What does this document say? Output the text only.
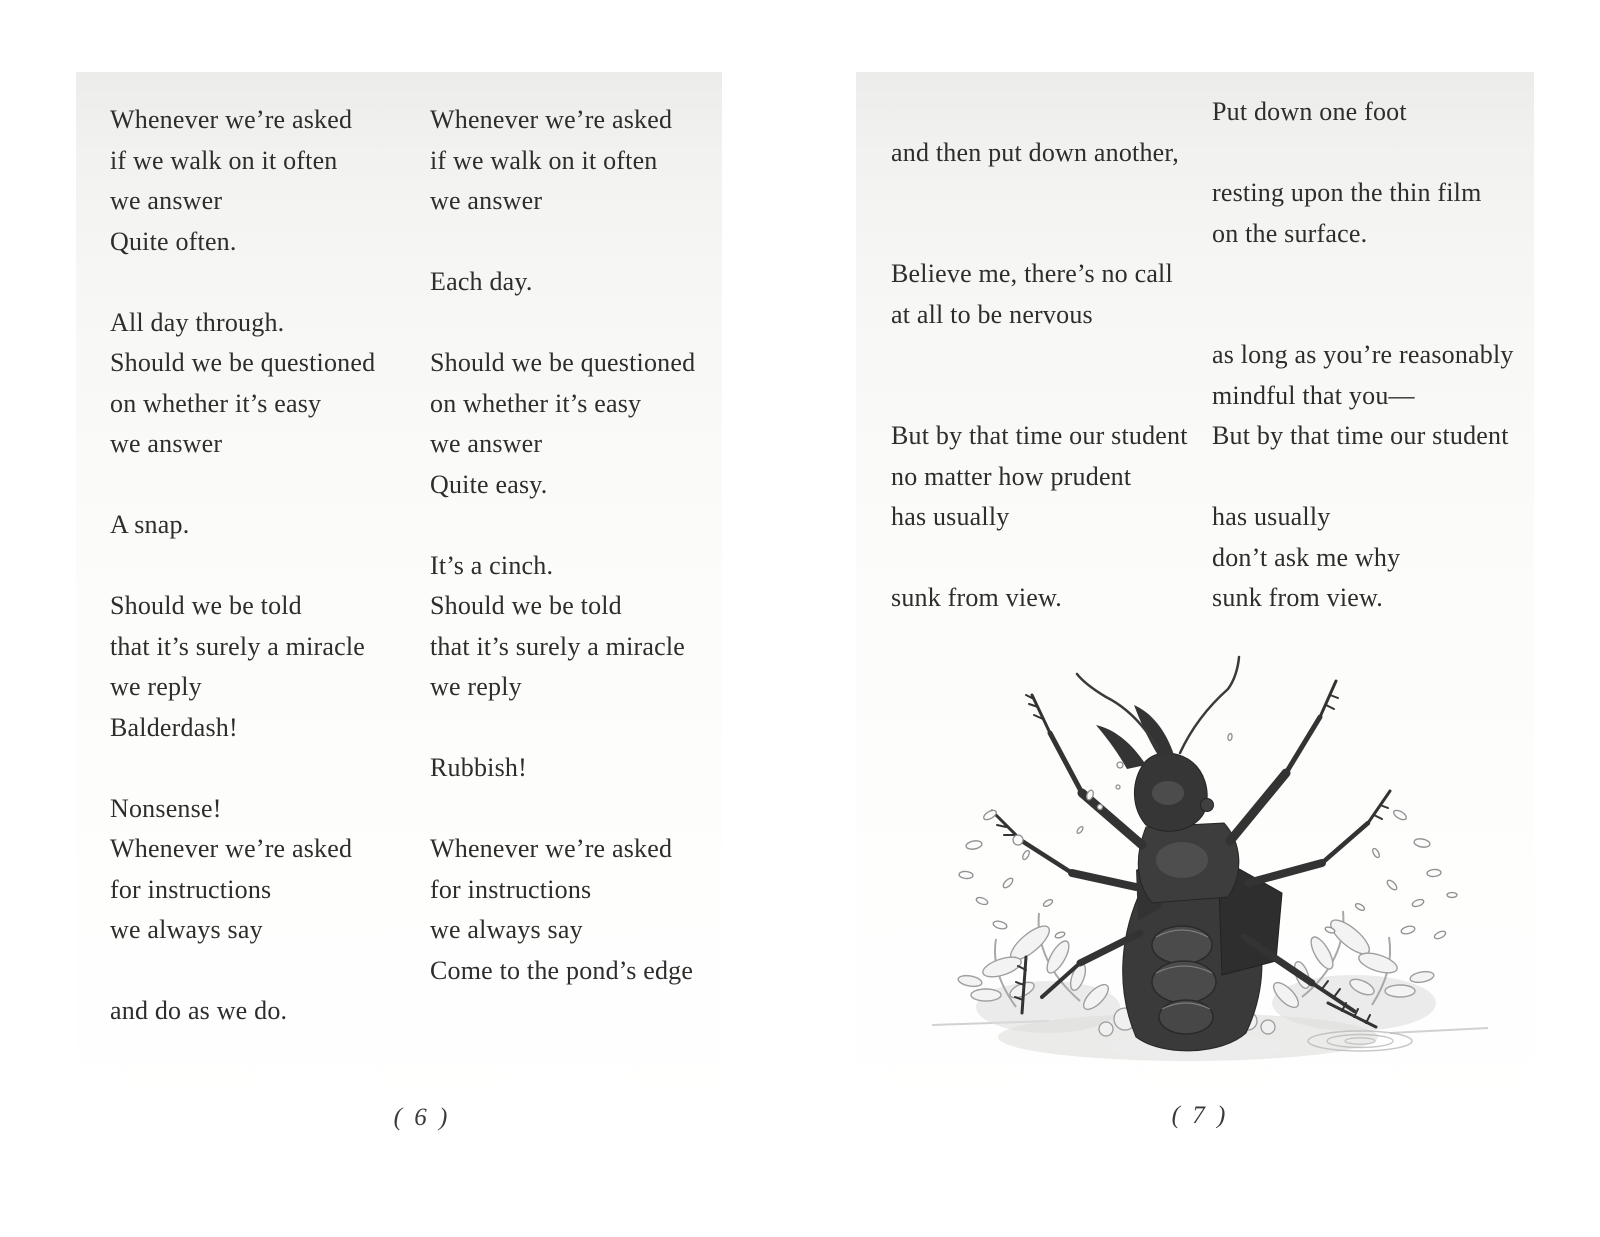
Whenever we’re asked
if we walk on it often
we answer
Quite often.

All day through.
Should we be questioned
on whether it’s easy
we answer

A snap.

Should we be told
that it’s surely a miracle
we reply
Balderdash!

Nonsense!
Whenever we’re asked
for instructions
we always say

and do as we do.
Whenever we’re asked
if we walk on it often
we answer

Each day.

Should we be questioned
on whether it’s easy
we answer
Quite easy.

It’s a cinch.
Should we be told
that it’s surely a miracle
we reply

Rubbish!

Whenever we’re asked
for instructions
we always say
Come to the pond’s edge

and then put down another,

Believe me, there’s no call
at all to be nervous

But by that time our student
no matter how prudent
has usually

sunk from view.
Put down one foot

resting upon the thin film
on the surface.

as long as you’re reasonably
mindful that you—
But by that time our student

has usually
don’t ask me why
sunk from view.
( 6 )	( 7 )
